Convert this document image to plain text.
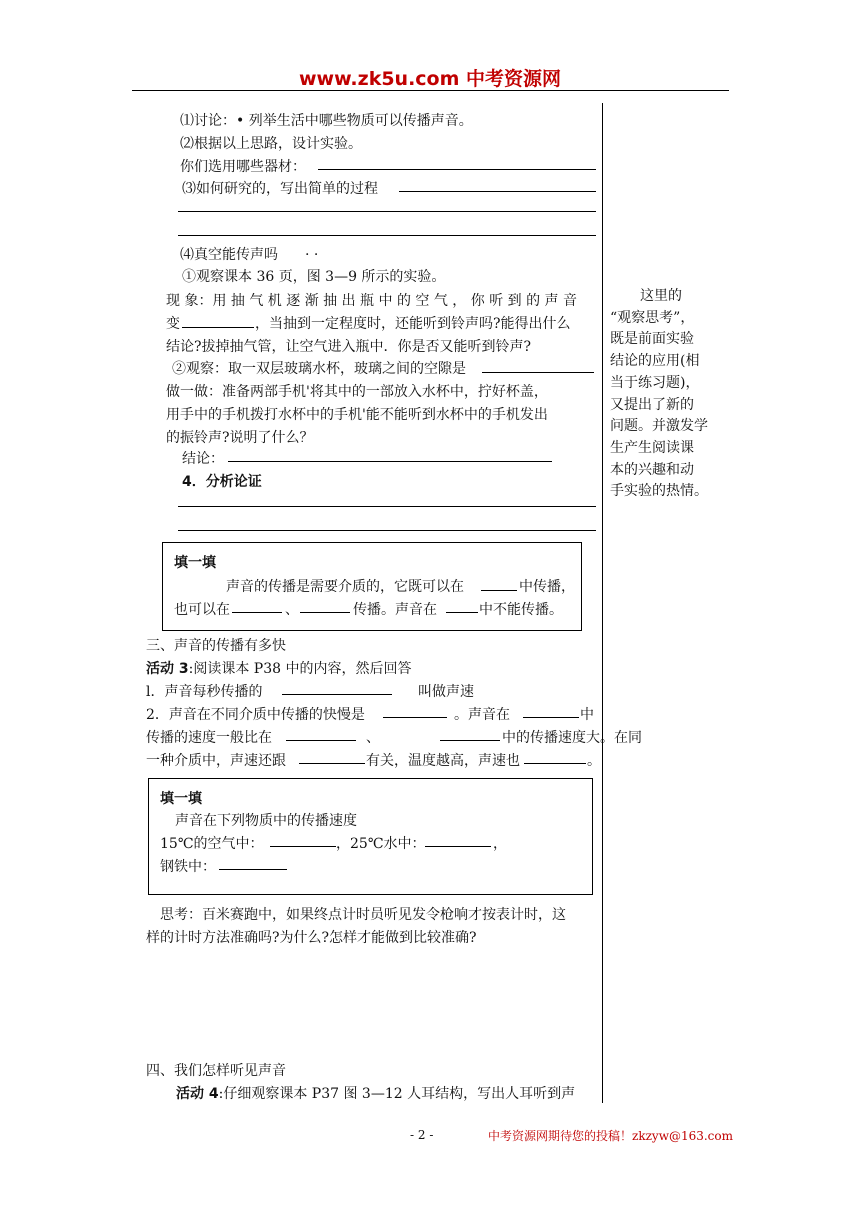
www.zk5u.com 中考资源网
⑴讨论：• 列举生活中哪些物质可以传播声音。
⑵根据以上思路，设计实验。
你们选用哪些器材：
⑶如何研究的，写出简单的过程
⑷真空能传声吗 . .
①观察课本 36 页，图 3—9 所示的实验。
现 象：用 抽 气 机 逐 渐 抽 出 瓶 中 的 空 气 ， 你 听 到 的 声 音
变	，当抽到一定程度时，还能听到铃声吗?能得出什么
结论?拔掉抽气管，让空气进入瓶中．你是否又能听到铃声?
②观察：取一双层玻璃水杯，玻璃之间的空隙是
做一做：准备两部手机'将其中的一部放入水杯中，拧好杯盖，
用手中的手机拨打水杯中的手机'能不能听到水杯中的手机发出
的振铃声?说明了什么？
结论：
4．分析论证
填一填
声音的传播是需要介质的，它既可以在	中传播，
也可以在	、	传播。声音在	中不能传播。
三、声音的传播有多快
活动 3:阅读课本 P38 中的内容，然后回答
l．声音每秒传播的	叫做声速
2．声音在不同介质中传播的快慢是	。声音在	中
传播的速度一般比在	、	中的传播速度大。在同
一种介质中，声速还跟	有关，温度越高，声速也	。
填一填
声音在下列物质中的传播速度
15℃的空气中：	，25℃水中：	，
钢铁中：
思考：百米赛跑中，如果终点计时员听见发令枪响才按表计时，这
样的计时方法准确吗?为什么?怎样才能做到比较准确?
四、我们怎样听见声音
活动 4:仔细观察课本 P37 图 3—12 人耳结构，写出人耳听到声
这里的
“观察思考”，
既是前面实验
结论的应用(相
当于练习题)，
又提出了新的
问题。并激发学
生产生阅读课
本的兴趣和动
手实验的热情。
- 2 -	中考资源网期待您的投稿！zkzyw@163.com
